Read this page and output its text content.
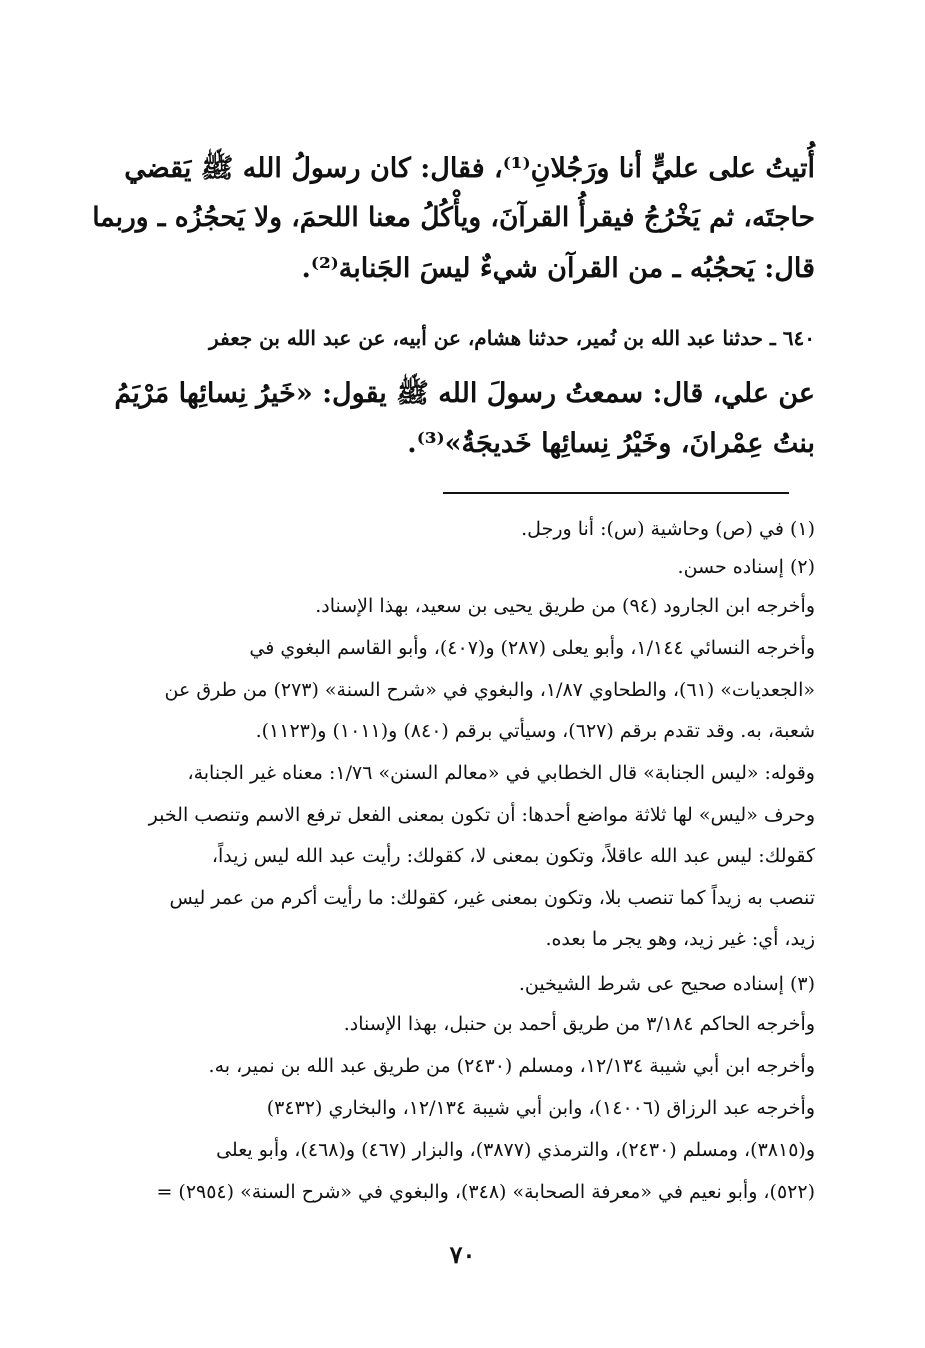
أُتيتُ على عليٍّ أنا ورَجُلانِ⁽¹⁾، فقال: كان رسولُ الله ﷺ يَقضي
حاجتَه، ثم يَخْرُجُ فيقرأُ القرآنَ، ويأْكُلُ معنا اللحمَ، ولا يَحجُزُه ـ وربما
قال: يَحجُبُه ـ من القرآن شيءٌ ليسَ الجَنابة⁽²⁾.
٦٤٠ ـ حدثنا عبد الله بن نُمير، حدثنا هشام، عن أبيه، عن عبد الله بن جعفر
عن علي، قال: سمعتُ رسولَ الله ﷺ يقول: «خَيرُ نِسائِها مَرْيَمُ
بنتُ عِمْرانَ، وخَيْرُ نِسائِها خَديجَةُ»⁽³⁾.
(١) في (ص) وحاشية (س): أنا ورجل.
(٢) إسناده حسن.
وأخرجه ابن الجارود (٩٤) من طريق يحيى بن سعيد، بهذا الإسناد.
وأخرجه النسائي ١/١٤٤، وأبو يعلى (٢٨٧) و(٤٠٧)، وأبو القاسم البغوي في
«الجعديات» (٦١)، والطحاوي ١/٨٧، والبغوي في «شرح السنة» (٢٧٣) من طرق عن
شعبة، به. وقد تقدم برقم (٦٢٧)، وسيأتي برقم (٨٤٠) و(١٠١١) و(١١٢٣).
وقوله: «ليس الجنابة» قال الخطابي في «معالم السنن» ١/٧٦: معناه غير الجنابة،
وحرف «ليس» لها ثلاثة مواضع أحدها: أن تكون بمعنى الفعل ترفع الاسم وتنصب الخبر
كقولك: ليس عبد الله عاقلاً، وتكون بمعنى لا، كقولك: رأيت عبد الله ليس زيداً،
تنصب به زيداً كما تنصب بلا، وتكون بمعنى غير، كقولك: ما رأيت أكرم من عمر ليس
زيد، أي: غير زيد، وهو يجر ما بعده.
(٣) إسناده صحيح عى شرط الشيخين.
وأخرجه الحاكم ٣/١٨٤ من طريق أحمد بن حنبل، بهذا الإسناد.
وأخرجه ابن أبي شيبة ١٢/١٣٤، ومسلم (٢٤٣٠) من طريق عبد الله بن نمير، به.
وأخرجه عبد الرزاق (١٤٠٠٦)، وابن أبي شيبة ١٢/١٣٤، والبخاري (٣٤٣٢)
و(٣٨١٥)، ومسلم (٢٤٣٠)، والترمذي (٣٨٧٧)، والبزار (٤٦٧) و(٤٦٨)، وأبو يعلى
(٥٢٢)، وأبو نعيم في «معرفة الصحابة» (٣٤٨)، والبغوي في «شرح السنة» (٢٩٥٤) =
٧٠
